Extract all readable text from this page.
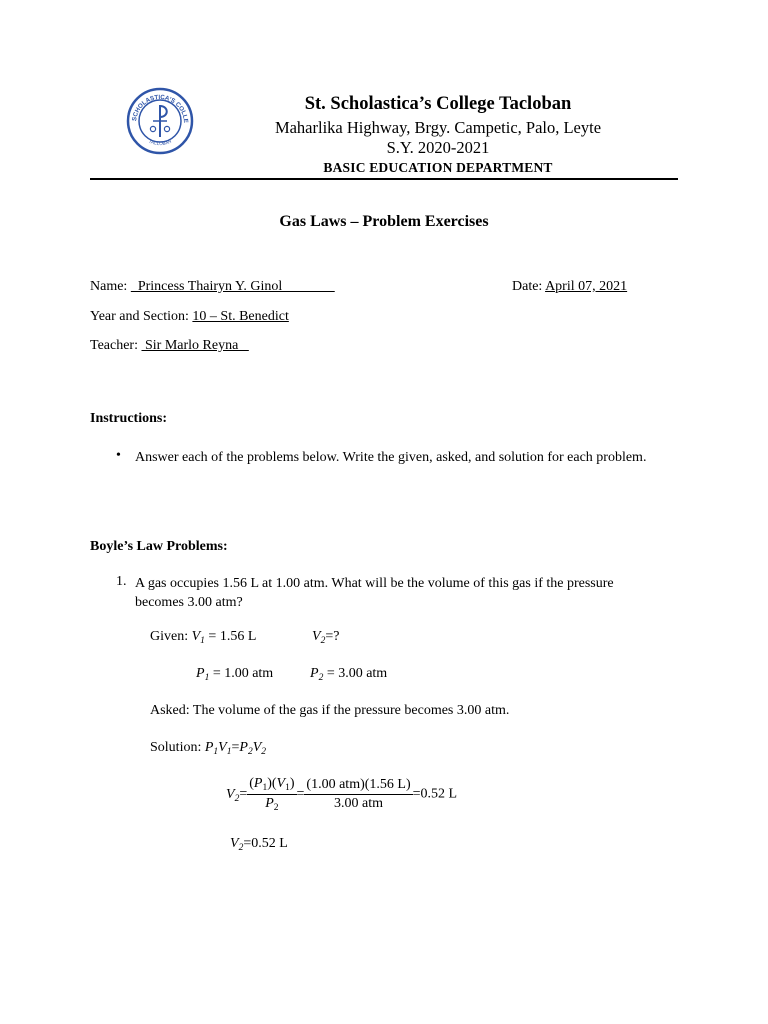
SCHOLASTICA’S COLLE
TACLOBAN
St. Scholastica’s College Tacloban
Maharlika Highway, Brgy. Campetic, Palo, Leyte
S.Y. 2020-2021
BASIC EDUCATION DEPARTMENT
Gas Laws – Problem Exercises
Name:   Princess Thairyn Y. Ginol	Date: April 07, 2021
Year and Section: 10 – St. Benedict
Teacher:  Sir Marlo Reyna
Instructions:
• Answer each of the problems below. Write the given, asked, and solution for each problem.
Boyle’s Law Problems:
1. A gas occupies 1.56 L at 1.00 atm. What will be the volume of this gas if the pressure becomes 3.00 atm?
Given: $V_1 = 1.56$ L	$V_2=$?
$P_1 = 1.00$ atm	$P_2 = 3.00$ atm
Asked: The volume of the gas if the pressure becomes 3.00 atm.
Solution: $P_1V_1=P_2V_2$
$V_2= \frac{(P_1)(V_1)}{P_2} = \frac{\text{(1.00 atm)(1.56 L)}}{\text{3.00 atm}} =0.52$ L
$V_2=0.52$ L
